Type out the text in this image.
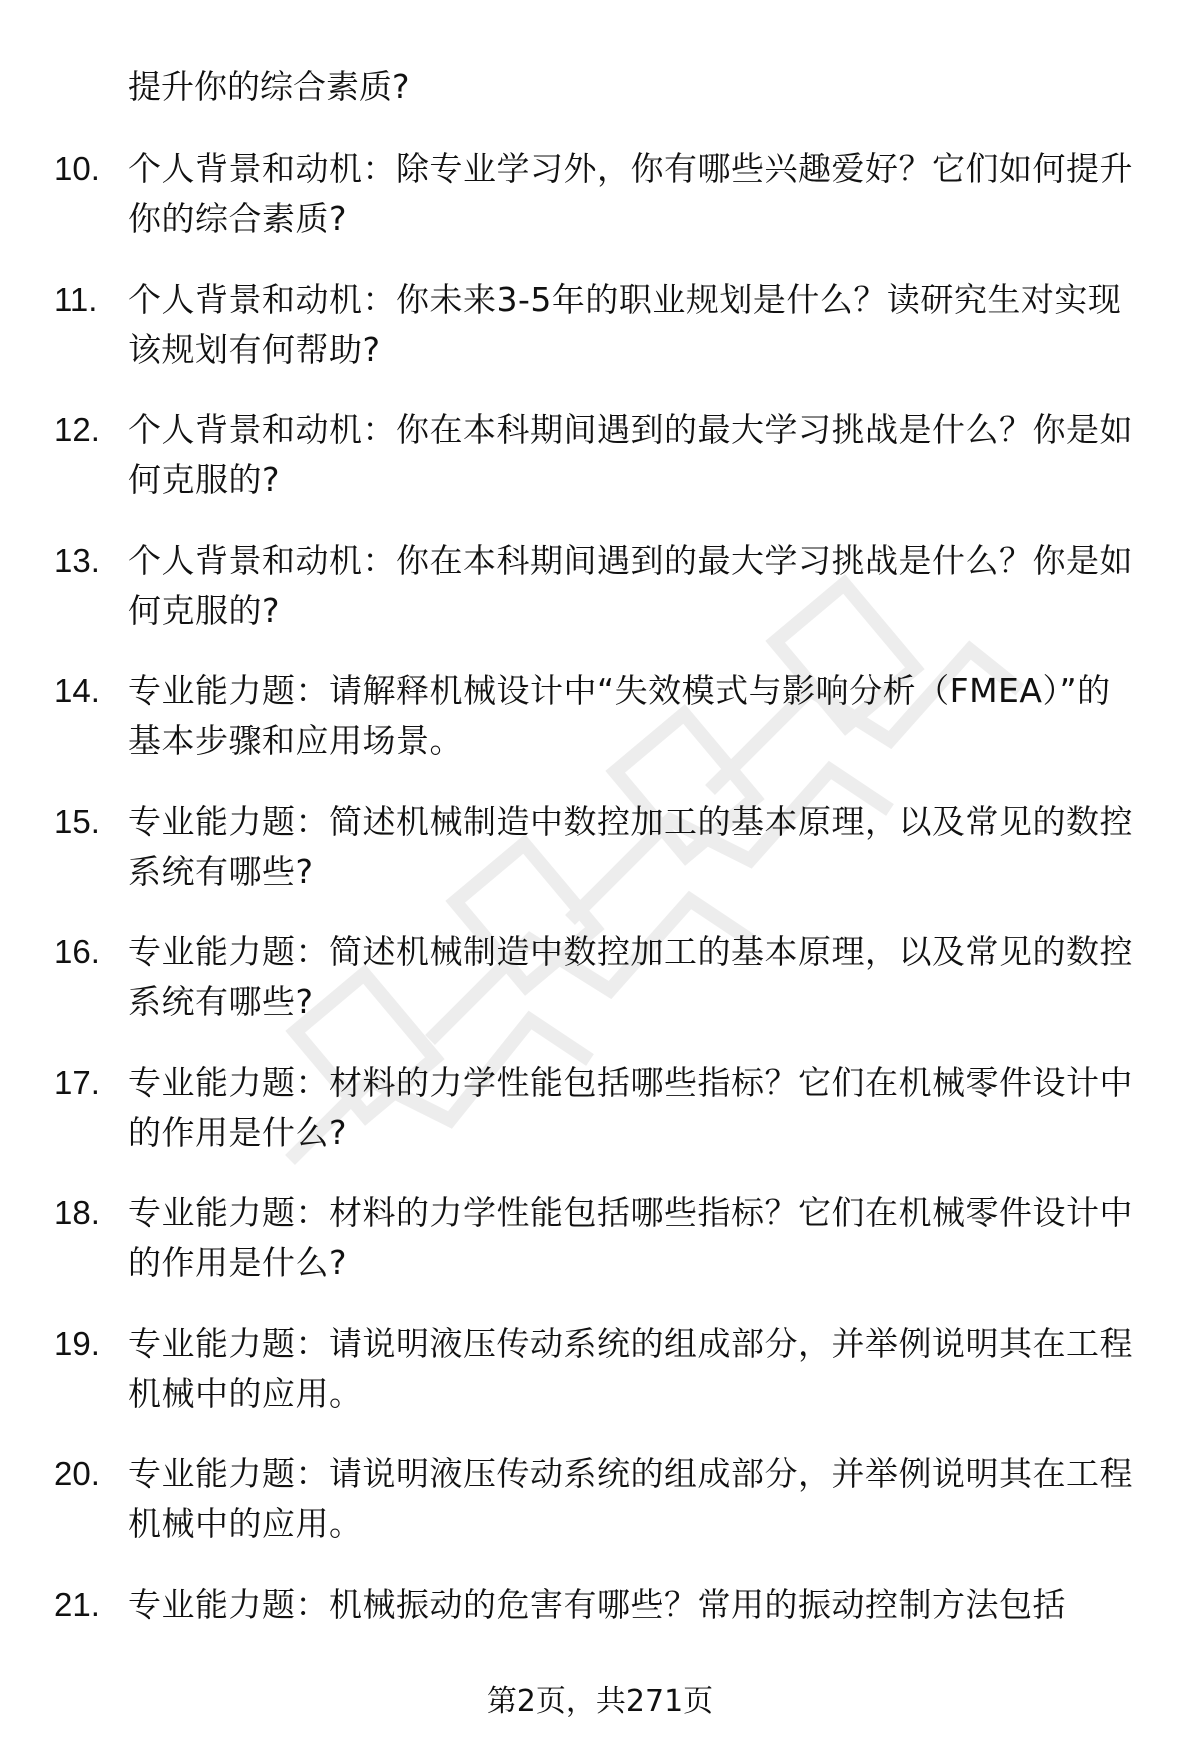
提升你的综合素质?
10. 个人背景和动机：除专业学习外，你有哪些兴趣爱好？它们如何提升你的综合素质?
11. 个人背景和动机：你未来3-5年的职业规划是什么？读研究生对实现该规划有何帮助?
12. 个人背景和动机：你在本科期间遇到的最大学习挑战是什么？你是如何克服的?
13. 个人背景和动机：你在本科期间遇到的最大学习挑战是什么？你是如何克服的?
14. 专业能力题：请解释机械设计中“失效模式与影响分析（FMEA）”的基本步骤和应用场景。
15. 专业能力题：简述机械制造中数控加工的基本原理，以及常见的数控系统有哪些?
16. 专业能力题：简述机械制造中数控加工的基本原理，以及常见的数控系统有哪些?
17. 专业能力题：材料的力学性能包括哪些指标？它们在机械零件设计中的作用是什么?
18. 专业能力题：材料的力学性能包括哪些指标？它们在机械零件设计中的作用是什么?
19. 专业能力题：请说明液压传动系统的组成部分，并举例说明其在工程机械中的应用。
20. 专业能力题：请说明液压传动系统的组成部分，并举例说明其在工程机械中的应用。
21. 专业能力题：机械振动的危害有哪些？常用的振动控制方法包括
第2页，共271页
